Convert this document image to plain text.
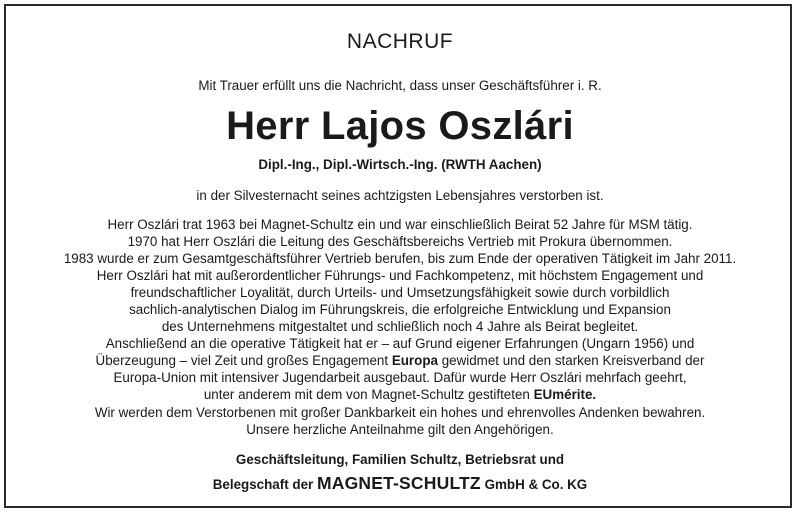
NACHRUF
Mit Trauer erfüllt uns die Nachricht, dass unser Geschäftsführer i. R.
Herr Lajos Oszlári
Dipl.-Ing., Dipl.-Wirtsch.-Ing. (RWTH Aachen)
in der Silvesternacht seines achtzigsten Lebensjahres verstorben ist.
Herr Oszlári trat 1963 bei Magnet-Schultz ein und war einschließlich Beirat 52 Jahre für MSM tätig.
1970 hat Herr Oszlári die Leitung des Geschäftsbereichs Vertrieb mit Prokura übernommen.
1983 wurde er zum Gesamtgeschäftsführer Vertrieb berufen, bis zum Ende der operativen Tätigkeit im Jahr 2011.
Herr Oszlári hat mit außerordentlicher Führungs- und Fachkompetenz, mit höchstem Engagement und
freundschaftlicher Loyalität, durch Urteils- und Umsetzungsfähigkeit sowie durch vorbildlich
sachlich-analytischen Dialog im Führungskreis, die erfolgreiche Entwicklung und Expansion
des Unternehmens mitgestaltet und schließlich noch 4 Jahre als Beirat begleitet.
Anschließend an die operative Tätigkeit hat er – auf Grund eigener Erfahrungen (Ungarn 1956) und
Überzeugung – viel Zeit und großes Engagement Europa gewidmet und den starken Kreisverband der
Europa-Union mit intensiver Jugendarbeit ausgebaut. Dafür wurde Herr Oszlári mehrfach geehrt,
unter anderem mit dem von Magnet-Schultz gestifteten EUmérite.
Wir werden dem Verstorbenen mit großer Dankbarkeit ein hohes und ehrenvolles Andenken bewahren.
Unsere herzliche Anteilnahme gilt den Angehörigen.
Geschäftsleitung, Familien Schultz, Betriebsrat und
Belegschaft der MAGNET-SCHULTZ GmbH & Co. KG
